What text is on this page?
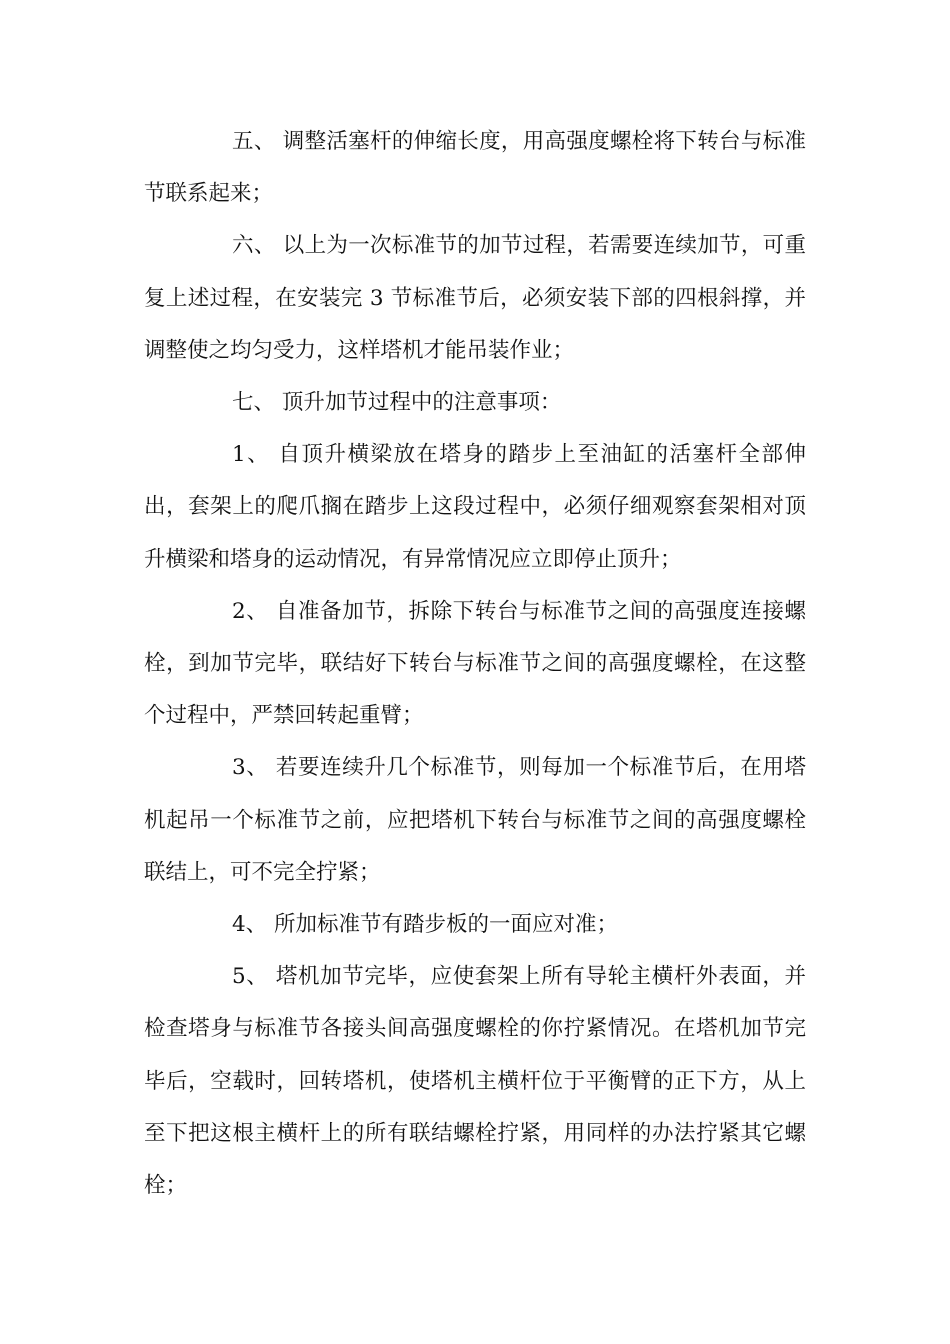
五、 调整活塞杆的伸缩长度，用高强度螺栓将下转台与标准节联系起来；

六、 以上为一次标准节的加节过程，若需要连续加节，可重复上述过程，在安装完 3 节标准节后，必须安装下部的四根斜撑，并调整使之均匀受力，这样塔机才能吊装作业；

七、 顶升加节过程中的注意事项：

1、 自顶升横梁放在塔身的踏步上至油缸的活塞杆全部伸出，套架上的爬爪搁在踏步上这段过程中，必须仔细观察套架相对顶升横梁和塔身的运动情况，有异常情况应立即停止顶升；

2、 自准备加节，拆除下转台与标准节之间的高强度连接螺栓，到加节完毕，联结好下转台与标准节之间的高强度螺栓，在这整个过程中，严禁回转起重臂；

3、 若要连续升几个标准节，则每加一个标准节后，在用塔机起吊一个标准节之前，应把塔机下转台与标准节之间的高强度螺栓联结上，可不完全拧紧；

4、 所加标准节有踏步板的一面应对准；

5、 塔机加节完毕，应使套架上所有导轮主横杆外表面，并检查塔身与标准节各接头间高强度螺栓的你拧紧情况。在塔机加节完毕后，空载时，回转塔机，使塔机主横杆位于平衡臂的正下方，从上至下把这根主横杆上的所有联结螺栓拧紧，用同样的办法拧紧其它螺栓；
